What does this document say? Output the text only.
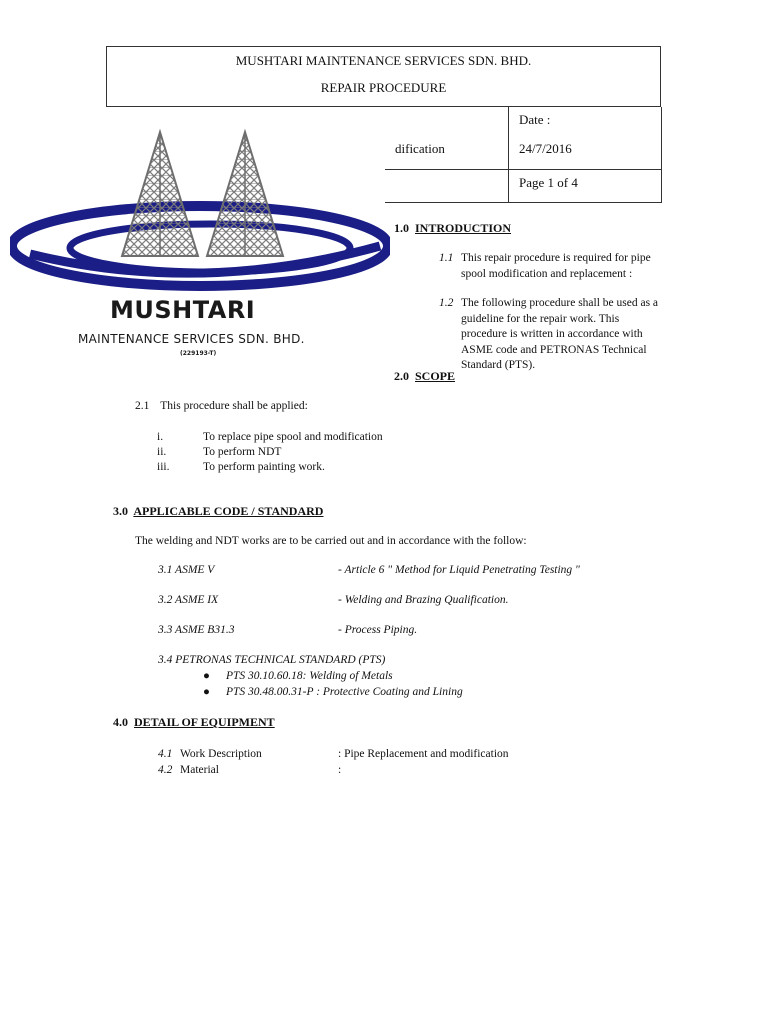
MUSHTARI MAINTENANCE SERVICES SDN. BHD.
REPAIR PROCEDURE
dification
Date :
24/7/2016
Page 1 of 4
MUSHTARI
MAINTENANCE SERVICES SDN. BHD.
(229193-T)
1.0 INTRODUCTION
1.1 This repair procedure is required for pipe
spool modification and replacement :
1.2 The following procedure shall be used as a
guideline for the repair work. This
procedure is written in accordance with
ASME code and PETRONAS Technical
Standard (PTS).
2.0 SCOPE
2.1 This procedure shall be applied:
i.	To replace pipe spool and modification
ii.	To perform NDT
iii.	To perform painting work.
3.0 APPLICABLE CODE / STANDARD
The welding and NDT works are to be carried out and in accordance with the follow:
3.1 ASME V	- Article 6 " Method for Liquid Penetrating Testing "
3.2 ASME IX	- Welding and Brazing Qualification.
3.3 ASME B31.3	- Process Piping.
3.4 PETRONAS TECHNICAL STANDARD (PTS)
● PTS 30.10.60.18: Welding of Metals
● PTS 30.48.00.31-P : Protective Coating and Lining
4.0 DETAIL OF EQUIPMENT
4.1 Work Description	: Pipe Replacement and modification
4.2 Material	:
